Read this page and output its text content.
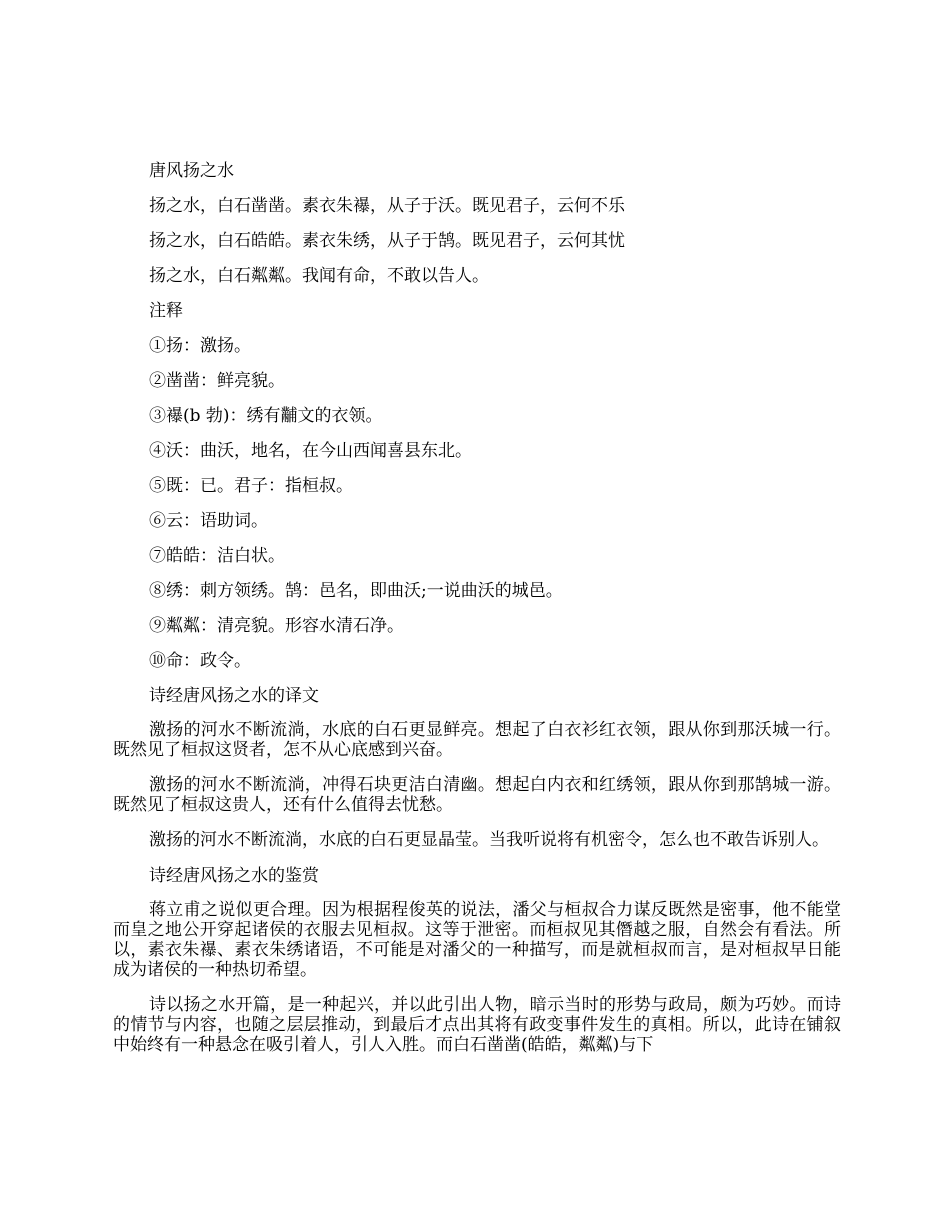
唐风扬之水

扬之水，白石凿凿。素衣朱襮，从子于沃。既见君子，云何不乐

扬之水，白石皓皓。素衣朱绣，从子于鹄。既见君子，云何其忧

扬之水，白石粼粼。我闻有命，不敢以告人。

注释

①扬：激扬。

②凿凿：鲜亮貌。

③襮(b 勃)：绣有黼文的衣领。

④沃：曲沃，地名，在今山西闻喜县东北。

⑤既：已。君子：指桓叔。

⑥云：语助词。

⑦皓皓：洁白状。

⑧绣：刺方领绣。鹄：邑名，即曲沃;一说曲沃的城邑。

⑨粼粼：清亮貌。形容水清石净。

⑩命：政令。

诗经唐风扬之水的译文

激扬的河水不断流淌，水底的白石更显鲜亮。想起了白衣衫红衣领，跟从你到那沃城一行。既然见了桓叔这贤者，怎不从心底感到兴奋。

激扬的河水不断流淌，冲得石块更洁白清幽。想起白内衣和红绣领，跟从你到那鹄城一游。既然见了桓叔这贵人，还有什么值得去忧愁。

激扬的河水不断流淌，水底的白石更显晶莹。当我听说将有机密令，怎么也不敢告诉别人。

诗经唐风扬之水的鉴赏

蒋立甫之说似更合理。因为根据程俊英的说法，潘父与桓叔合力谋反既然是密事，他不能堂而皇之地公开穿起诸侯的衣服去见桓叔。这等于泄密。而桓叔见其僭越之服，自然会有看法。所以，素衣朱襮、素衣朱绣诸语，不可能是对潘父的一种描写，而是就桓叔而言，是对桓叔早日能成为诸侯的一种热切希望。

诗以扬之水开篇，是一种起兴，并以此引出人物，暗示当时的形势与政局，颇为巧妙。而诗的情节与内容，也随之层层推动，到最后才点出其将有政变事件发生的真相。所以，此诗在铺叙中始终有一种悬念在吸引着人，引人入胜。而白石凿凿(皓皓，粼粼)与下
